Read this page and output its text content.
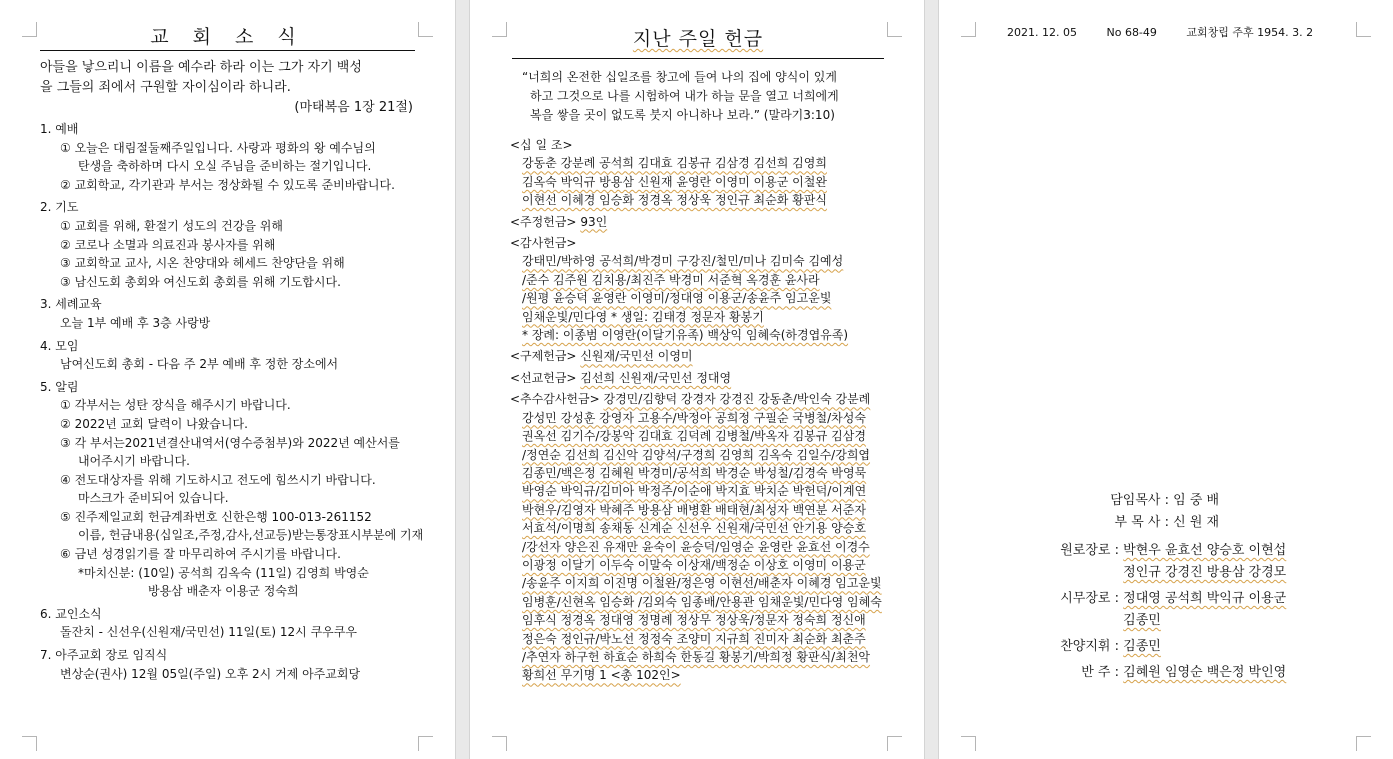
교 회 소 식
아들을 낳으리니 이름을 예수라 하라 이는 그가 자기 백성
을 그들의 죄에서 구원할 자이심이라 하니라.
(마태복음 1장 21절)
1. 예배
① 오늘은 대림절둘째주일입니다. 사랑과 평화의 왕 예수님의
탄생을 축하하며 다시 오실 주님을 준비하는 절기입니다.
② 교회학교, 각기관과 부서는 정상화될 수 있도록 준비바랍니다.
2. 기도
① 교회를 위해, 환절기 성도의 건강을 위해
② 코로나 소멸과 의료진과 봉사자를 위해
③ 교회학교 교사, 시온 찬양대와 헤세드 찬양단을 위해
③ 남신도회 총회와 여신도회 총회를 위해 기도합시다.
3. 세례교육
오늘 1부 예배 후 3층 사랑방
4. 모임
남여신도회 총회 - 다음 주 2부 예배 후 정한 장소에서
5. 알림
① 각부서는 성탄 장식을 해주시기 바랍니다.
② 2022년 교회 달력이 나왔습니다.
③ 각 부서는2021년결산내역서(영수증첨부)와 2022년 예산서를
내어주시기 바랍니다.
④ 전도대상자를 위해 기도하시고 전도에 힘쓰시기 바랍니다.
마스크가 준비되어 있습니다.
⑤ 진주제일교회 헌금계좌번호 신한은행 100-013-261152
이름, 헌금내용(십일조,주정,감사,선교등)받는통장표시부분에 기재
⑥ 금년 성경읽기를 잘 마무리하여 주시기를 바랍니다.
*마치신분: (10일) 공석희 김옥숙 (11일) 김영희 박영순
방용삼 배춘자 이용군 정숙희
6. 교인소식
돌잔치 - 신선우(신원재/국민선) 11일(토) 12시 쿠우쿠우
7. 아주교회 장로 임직식
변상순(권사) 12월 05일(주일) 오후 2시 거제 아주교회당
지난 주일 헌금
“너희의 온전한 십일조를 창고에 들여 나의 집에 양식이 있게
하고 그것으로 나를 시험하여 내가 하늘 문을 열고 너희에게
복을 쌓을 곳이 없도록 붓지 아니하나 보라.” (말라기3:10)
<십 일 조>
강동춘 강분례 공석희 김대효 김봉규 김삼경 김선희 김영희
김옥숙 박익규 방용삼 신원재 윤영란 이영미 이용군 이철완
이현선 이혜경 임승화 정경옥 정상욱 정인규 최순화 황판식
<주정헌금> 93인
<감사헌금>
강태민/박하영 공석희/박경미 구강진/철민/미나 김미숙 김예성
/준수 김주원 김치용/최진주 박경미 서준혁 옥경훈 윤사라
/원평 윤승덕 윤영란 이영미/정대영 이용군/송윤주 임고운빛
임채운빛/민다영 * 생일: 김태경 정문자 황봉기
* 장례: 이종범 이영란(이달기유족) 백상익 임혜숙(하경엽유족)
<구제헌금> 신원재/국민선 이영미
<선교헌금> 김선희 신원재/국민선 정대영
<추수감사헌금> 강경민/김향덕 강경자 강경진 강동춘/박인숙 강분례
강성민 강성훈 강영자 고용수/박정아 공희정 구필순 국병철/차성숙
권옥선 김기수/강봉악 김대효 김덕례 김병철/박옥자 김봉규 김삼경
/정연순 김선희 김신악 김양석/구경희 김영희 김옥숙 김일수/강희엽
김종민/백은정 김혜원 박경미/공석희 박경순 박성철/김경숙 박영묵
박영순 박익규/김미아 박정주/이순애 박지효 박치순 박헌덕/이계연
박현우/김영자 박혜주 방용삼 배병환 배태현/최성자 백연분 서준자
서효석/이명희 송채동 신계순 신선우 신원재/국민선 안기용 양승호
/강선자 양은진 유재만 윤숙이 윤승덕/임영순 윤영란 윤효선 이경수
이광정 이달기 이두숙 이말숙 이상재/백정순 이상호 이영미 이용군
/송윤주 이지희 이진명 이철완/정은영 이현선/배춘자 이혜경 임고운빛
임병훈/신현옥 임승화 /김외숙 임종배/안용관 임채운빛/민다영 임혜숙
임후식 정경옥 정대영 정명례 정상무 정상욱/정문자 정숙희 정신애
정은숙 정인규/박노선 정정숙 조양미 지규희 진미자 최순화 최춘주
/추연자 하구헌 하효순 하희숙 한동길 황봉기/박희정 황판식/최천악
황희선 무기명 1 <총 102인>
2021. 12. 05	No 68-49	교회창립 주후 1954. 3. 2
담임목사 : 임 중 배
부 목 사 : 신 원 재
원로장로 : 박현우 윤효선 양승호 이현섭
정인규 강경진 방용삼 강경모
시무장로 : 정대영 공석희 박익규 이용군
김종민
찬양지휘 : 김종민
반 주 : 김혜원 임영순 백은정 박인영
